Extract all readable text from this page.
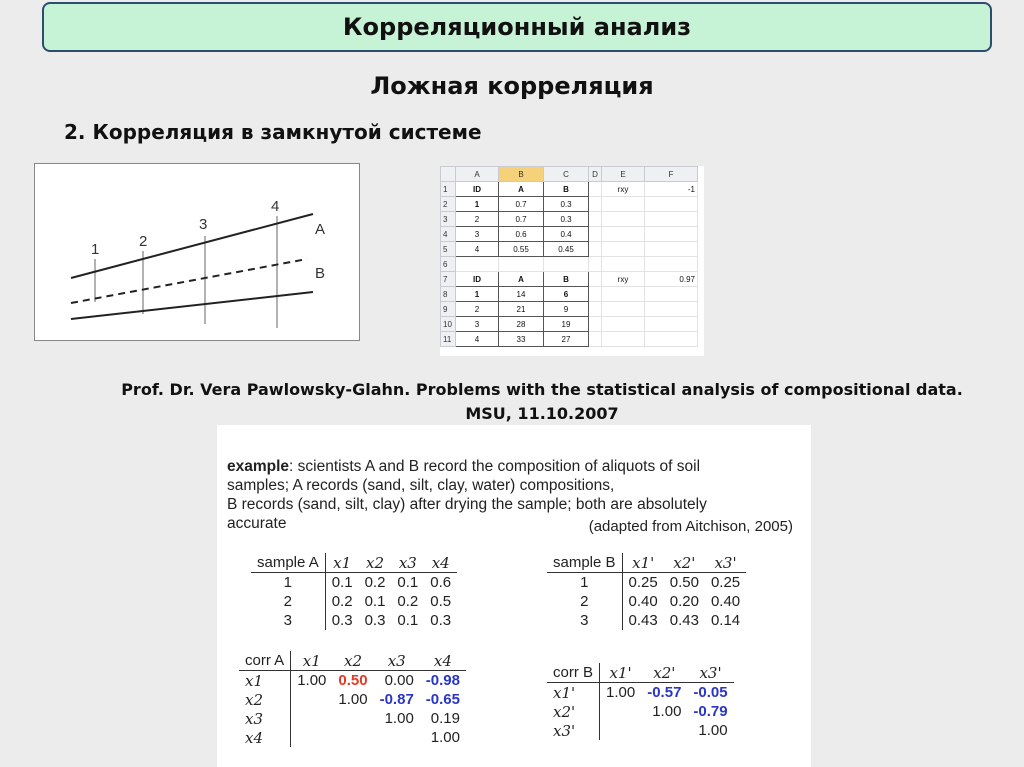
Корреляционный анализ
Ложная корреляция
2. Корреляция в замкнутой системе
1	2
3
4
A
B
	A	B	C	D	E	F
1	ID	A	B		rxy	-1
2	1	0.7	0.3			
3	2	0.7	0.3			
4	3	0.6	0.4			
5	4	0.55	0.45			
6						
7	ID	A	B		rxy	0.97
8	1	14	6			
9	2	21	9			
10	3	28	19			
11	4	33	27			
Prof. Dr. Vera Pawlowsky-Glahn. Problems with the statistical analysis of compositional data.
MSU, 11.10.2007
example: scientists A and B record the composition of aliquots of soil
samples; A records (sand, silt, clay, water) compositions,
B records (sand, silt, clay) after drying the sample; both are absolutely
accurate	(adapted from Aitchison, 2005)
sample A	x1	x2	x3	x4
1	0.1	0.2	0.1	0.6
2	0.2	0.1	0.2	0.5
3	0.3	0.3	0.1	0.3
sample B	x1'	x2'	x3'
1	0.25	0.50	0.25
2	0.40	0.20	0.40
3	0.43	0.43	0.14
corr A	x1	x2	x3	x4
x1	1.00	0.50	0.00	-0.98
x2		1.00	-0.87	-0.65
x3			1.00	0.19
x4				1.00
corr B	x1'	x2'	x3'
x1'	1.00	-0.57	-0.05
x2'		1.00	-0.79
x3'			1.00
